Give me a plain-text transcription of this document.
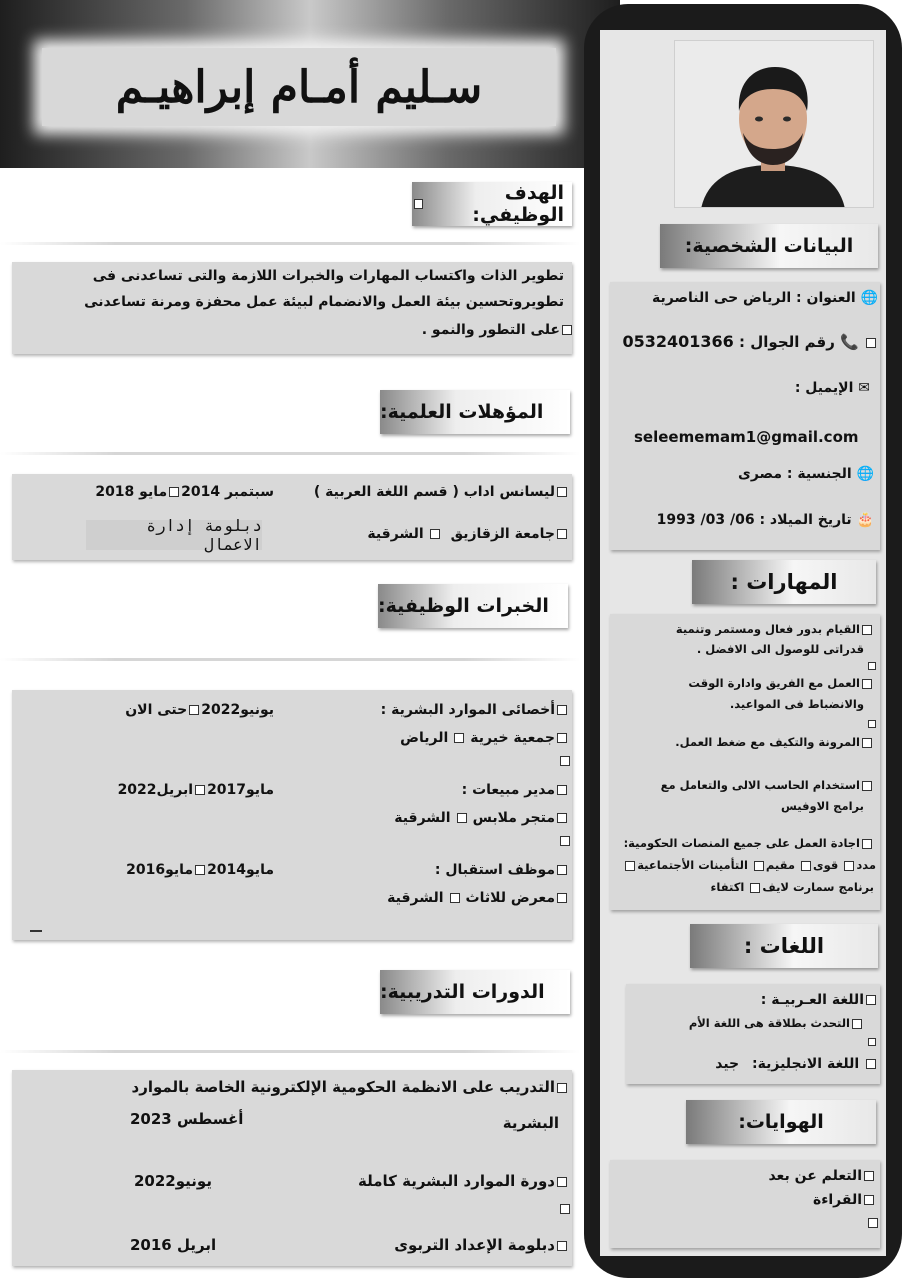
سـليم أمـام إبراهيـم
البيانات الشخصية:
🌐 العنوان : الرياض حى الناصرية
📞 رقم الجوال : 0532401366
✉ الإيميل :
seleememam1@gmail.com
🌐 الجنسية : مصرى
🎂 تاريخ الميلاد : 06/ 03/ 1993
المهارات :
القيام بدور فعال ومستمر وتنمية
قدراتى للوصول الى الافضل .
العمل مع الفريق وادارة الوقت
والانضباط فى المواعيد.
المرونة والتكيف مع ضغط العمل.
استخدام الحاسب الالى والتعامل مع
برامج الاوفيس
اجادة العمل على جميع المنصات الحكومية:
مدد قوى مقيم التأمينات الأجتماعية
برنامج سمارت لايف اكتفاء
اللغات :
اللغة العـربيـة :
التحدث بطلاقة هى اللغة الأم
اللغة الانجليزية: جيد
الهوايات:
التعلم عن بعد
القراءة
الهدف الوظيفي:
تطوير الذات واكتساب المهارات والخبرات اللازمة والتى تساعدنى فى
تطويروتحسين بيئة العمل والانضمام لبيئة عمل محفزة ومرنة تساعدنى
على التطور والنمو .
المؤهلات العلمية:
ليسانس اداب ( قسم اللغة العربية )
سبتمبر 2014مايو 2018
جامعة الزقازيق الشرقية
دبلومة إدارة الاعمال
الخبرات الوظيفية:
أخصائى الموارد البشرية :
يونيو2022حتى الان
جمعية خيريةالرياض
مدير مبيعات :
مايو2017ابريل2022
متجر ملابسالشرقية
موظف استقبال :
مايو2014مايو2016
معرض للاثاثالشرقية
الدورات التدريبية:
التدريب على الانظمة الحكومية الإلكترونية الخاصة بالموارد
البشرية
أغسطس 2023
دورة الموارد البشرية كاملة
يونيو2022
دبلومة الإعداد التربوى
ابريل 2016
